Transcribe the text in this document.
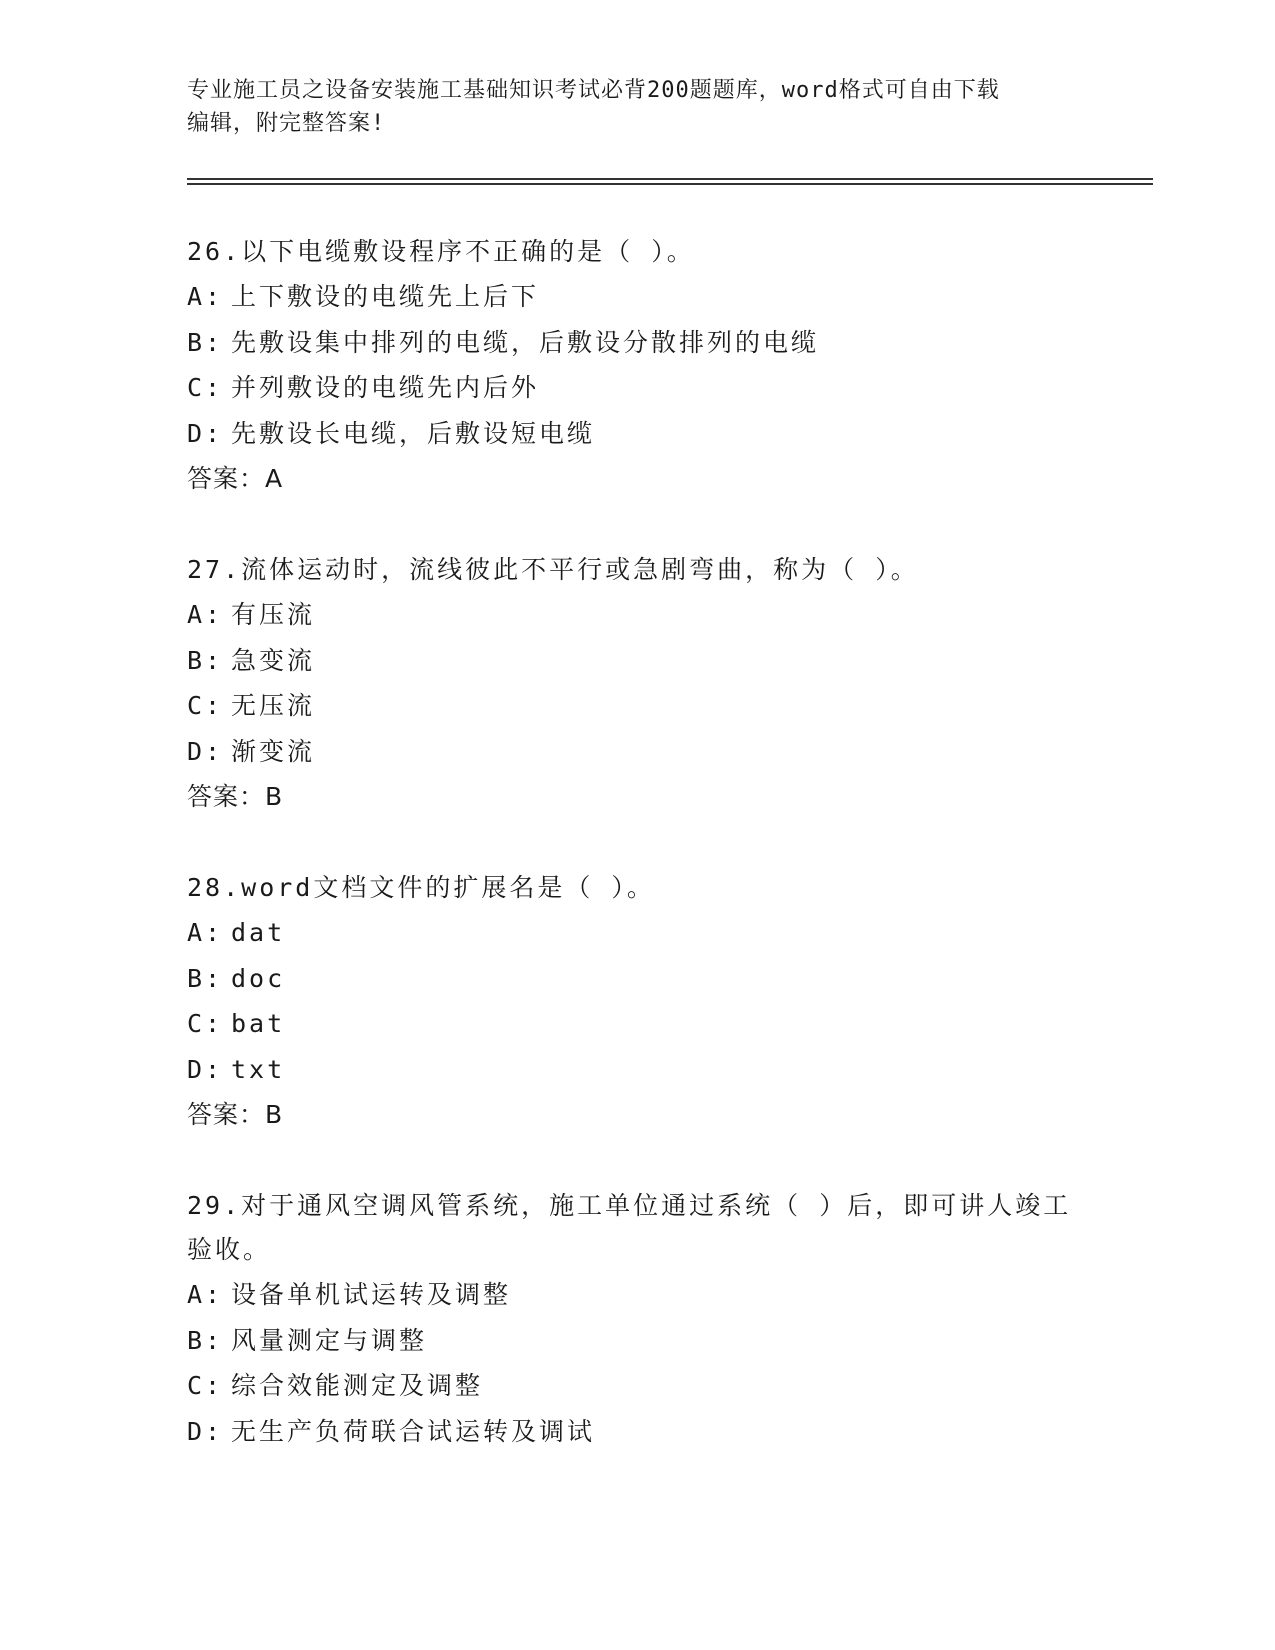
专业施工员之设备安装施工基础知识考试必背200题题库，word格式可自由下载
编辑，附完整答案!
26.以下电缆敷设程序不正确的是（ ）。
A: 上下敷设的电缆先上后下
B: 先敷设集中排列的电缆，后敷设分散排列的电缆
C: 并列敷设的电缆先内后外
D: 先敷设长电缆，后敷设短电缆
答案：A
27.流体运动时，流线彼此不平行或急剧弯曲，称为（ ）。
A: 有压流
B: 急变流
C: 无压流
D: 渐变流
答案：B
28.word文档文件的扩展名是（ ）。
A: dat
B: doc
C: bat
D: txt
答案：B
29.对于通风空调风管系统，施工单位通过系统（ ）后，即可讲人竣工验收。
A: 设备单机试运转及调整
B: 风量测定与调整
C: 综合效能测定及调整
D: 无生产负荷联合试运转及调试
